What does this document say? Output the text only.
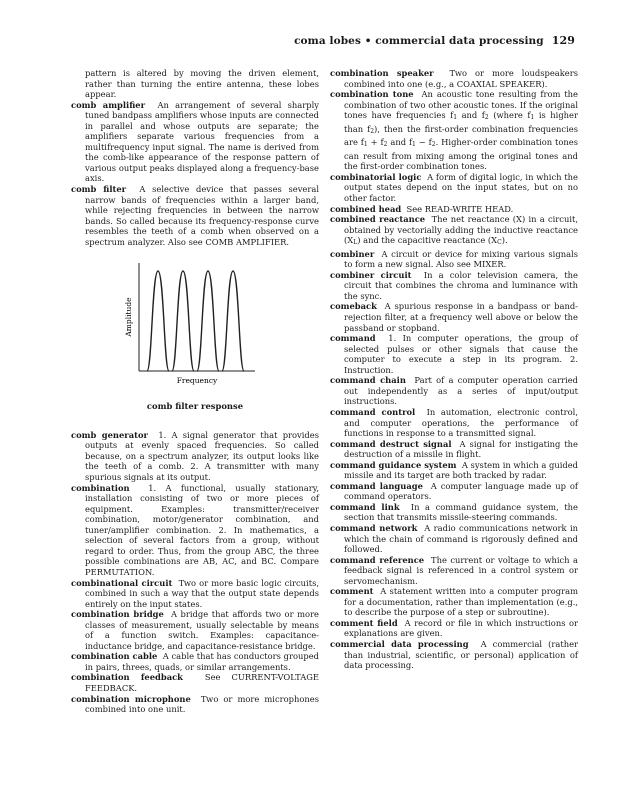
coma lobes • commercial data processing 129

pattern is altered by moving the driven element, rather than turning the entire antenna, these lobes appear.

comb amplifier An arrangement of several sharply tuned bandpass amplifiers whose inputs are connected in parallel and whose outputs are separate; the amplifiers separate various frequencies from a multifrequency input signal. The name is derived from the comb-like appearance of the response pattern of various output peaks displayed along a frequency-base axis.

comb filter A selective device that passes several narrow bands of frequencies within a larger band, while rejecting frequencies in between the narrow bands. So called because its frequency-response curve resembles the teeth of a comb when observed on a spectrum analyzer. Also see COMB AMPLIFIER.

Amplitude
Frequency
comb filter response

comb generator 1. A signal generator that provides outputs at evenly spaced frequencies. So called because, on a spectrum analyzer, its output looks like the teeth of a comb. 2. A transmitter with many spurious signals at its output.

combination 1. A functional, usually stationary, installation consisting of two or more pieces of equipment. Examples: transmitter/receiver combination, motor/generator combination, and tuner/amplifier combination. 2. In mathematics, a selection of several factors from a group, without regard to order. Thus, from the group ABC, the three possible combinations are AB, AC, and BC. Compare PERMUTATION.

combinational circuit Two or more basic logic circuits, combined in such a way that the output state depends entirely on the input states.

combination bridge A bridge that affords two or more classes of measurement, usually selectable by means of a function switch. Examples: capacitance-inductance bridge, and capacitance-resistance bridge.

combination cable A cable that has conductors grouped in pairs, threes, quads, or similar arrangements.

combination feedback	See CURRENT-VOLTAGE FEEDBACK.

combination microphone Two or more microphones combined into one unit.

combination speaker Two or more loudspeakers combined into one (e.g., a COAXIAL SPEAKER).

combination tone An acoustic tone resulting from the combination of two other acoustic tones. If the original tones have frequencies f1 and f2 (where f1 is higher than f2), then the first-order combination frequencies are f1 + f2 and f1 − f2. Higher-order combination tones can result from mixing among the original tones and the first-order combination tones.

combinatorial logic A form of digital logic, in which the output states depend on the input states, but on no other factor.

combined head See READ-WRITE HEAD.

combined reactance The net reactance (X) in a circuit, obtained by vectorially adding the inductive reactance (XL) and the capacitive reactance (XC).

combiner A circuit or device for mixing various signals to form a new signal. Also see MIXER.

combiner circuit In a color television camera, the circuit that combines the chroma and luminance with the sync.

comeback A spurious response in a bandpass or band-rejection filter, at a frequency well above or below the passband or stopband.

command 1. In computer operations, the group of selected pulses or other signals that cause the computer to execute a step in its program. 2. Instruction.

command chain Part of a computer operation carried out independently as a series of input/output instructions.

command control In automation, electronic control, and computer operations, the performance of functions in response to a transmitted signal.

command destruct signal A signal for instigating the destruction of a missile in flight.

command guidance system A system in which a guided missile and its target are both tracked by radar.

command language A computer language made up of command operators.

command link In a command guidance system, the section that transmits missile-steering commands.

command network A radio communications network in which the chain of command is rigorously defined and followed.

command reference The current or voltage to which a feedback signal is referenced in a control system or servomechanism.

comment A statement written into a computer program for a documentation, rather than implementation (e.g., to describe the purpose of a step or subroutine).

comment field A record or file in which instructions or explanations are given.

commercial data processing A commercial (rather than industrial, scientific, or personal) application of data processing.
